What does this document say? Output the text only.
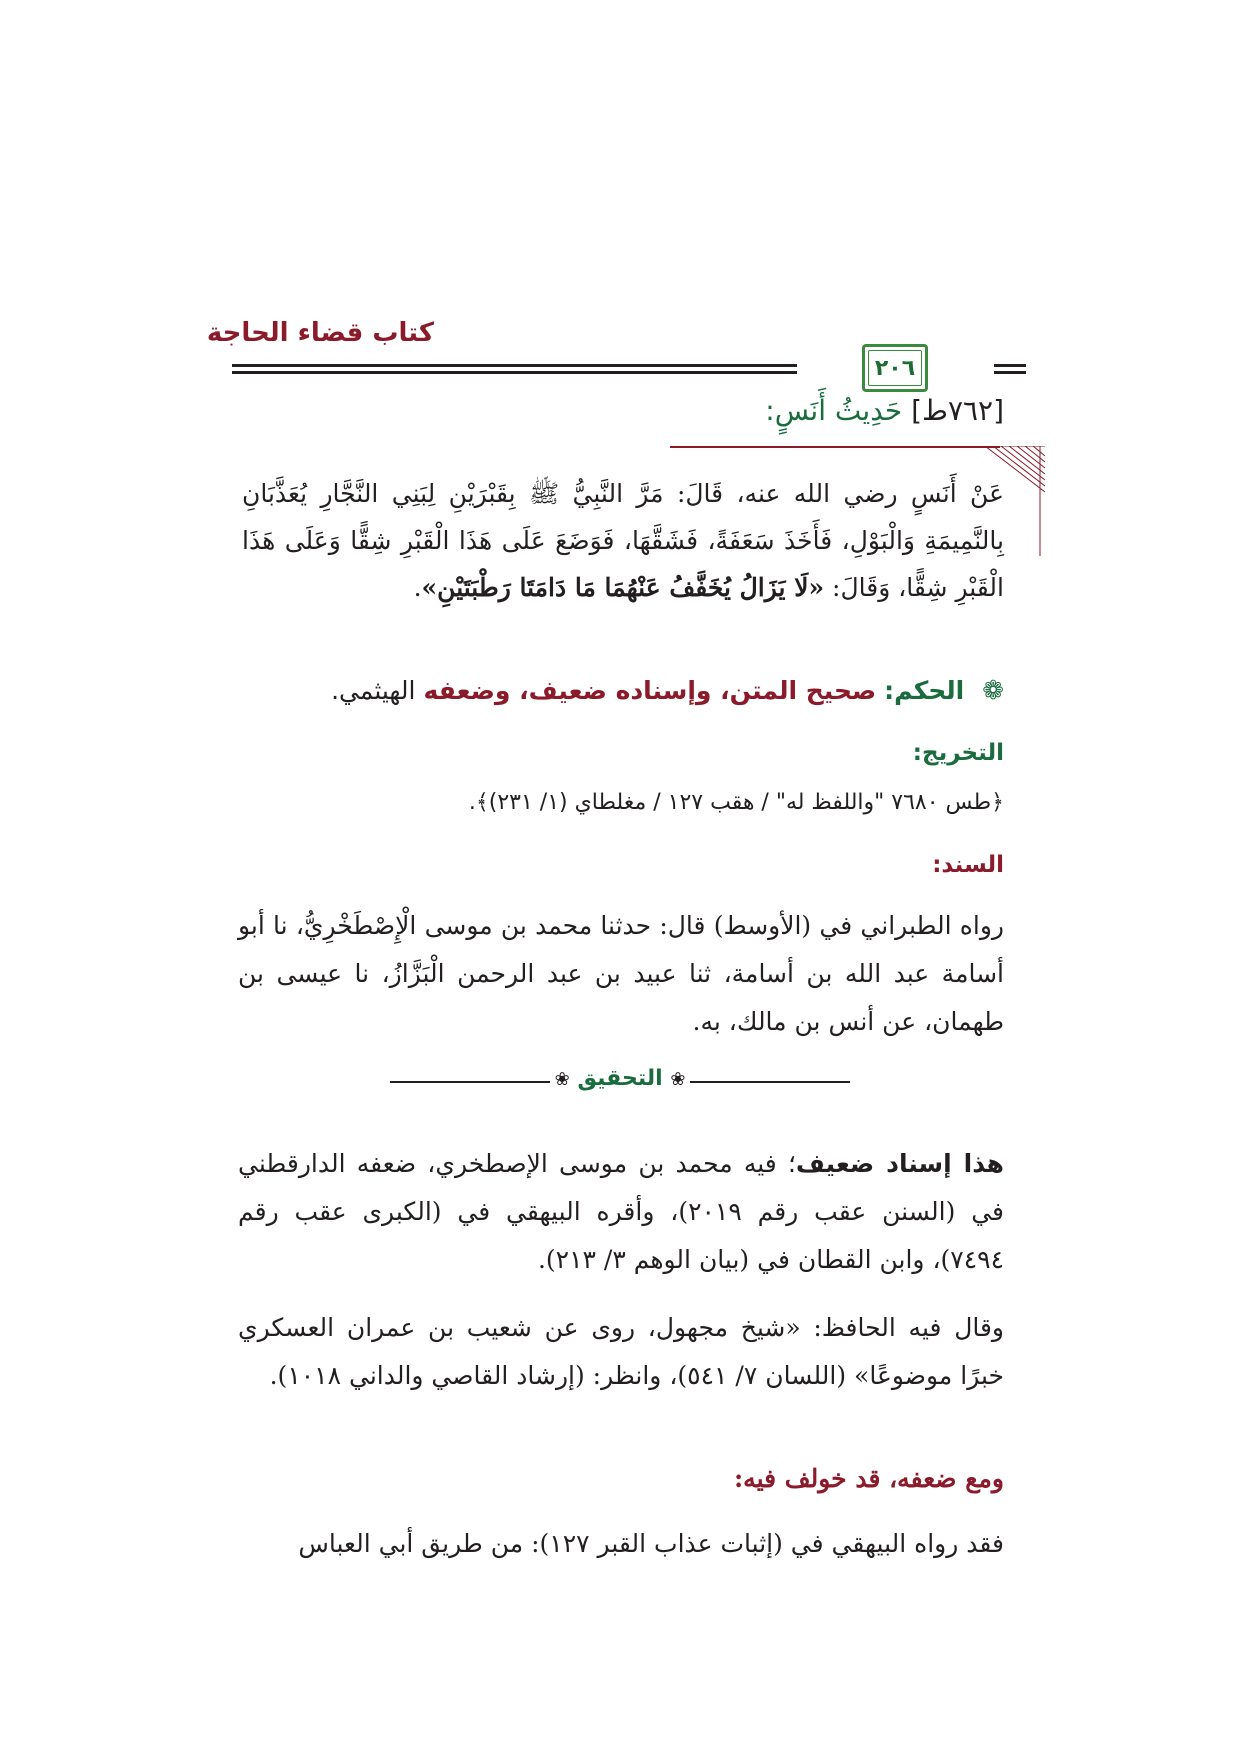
كتاب قضاء الحاجة
٢٠٦
[٧٦٢ط] حَدِيثُ أَنَسٍ:
عَنْ أَنَسٍ رضي الله عنه، قَالَ: مَرَّ النَّبِيُّ ﷺ بِقَبْرَيْنِ لِبَنِي النَّجَّارِ يُعَذَّبَانِ بِالنَّمِيمَةِ وَالْبَوْلِ، فَأَخَذَ سَعَفَةً، فَشَقَّهَا، فَوَضَعَ عَلَى هَذَا الْقَبْرِ شِقًّا وَعَلَى هَذَا الْقَبْرِ شِقًّا، وَقَالَ: «لَا يَزَالُ يُخَفَّفُ عَنْهُمَا مَا دَامَتَا رَطْبَتَيْنِ».
❁ الحكم: صحيح المتن، وإسناده ضعيف، وضعفه الهيثمي.
التخريج:
﴿طس ٧٦٨٠ "واللفظ له" / هقب ١٢٧ / مغلطاي (١/ ٢٣١)﴾.
السند:
رواه الطبراني في (الأوسط) قال: حدثنا محمد بن موسى الْإِصْطَخْرِيُّ، نا أبو أسامة عبد الله بن أسامة، ثنا عبيد بن عبد الرحمن الْبَزَّازُ، نا عيسى بن طهمان، عن أنس بن مالك، به.
❀ التحقيق ❀
هذا إسناد ضعيف؛ فيه محمد بن موسى الإصطخري، ضعفه الدارقطني في (السنن عقب رقم ٢٠١٩)، وأقره البيهقي في (الكبرى عقب رقم ٧٤٩٤)، وابن القطان في (بيان الوهم ٣/ ٢١٣).
وقال فيه الحافظ: «شيخ مجهول، روى عن شعيب بن عمران العسكري خبرًا موضوعًا» (اللسان ٧/ ٥٤١)، وانظر: (إرشاد القاصي والداني ١٠١٨).
ومع ضعفه، قد خولف فيه:
فقد رواه البيهقي في (إثبات عذاب القبر ١٢٧): من طريق أبي العباس
